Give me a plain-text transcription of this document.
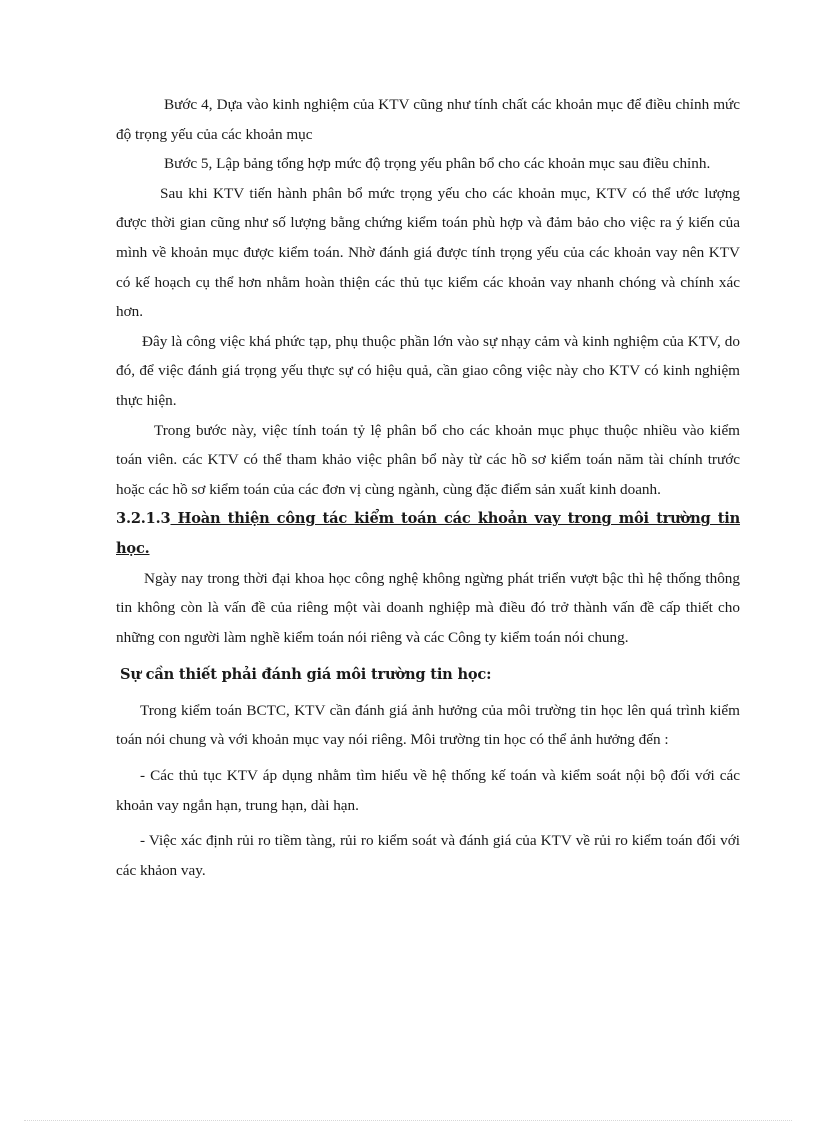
Bước 4, Dựa vào kinh nghiệm của KTV cũng như tính chất các khoản mục để điều chỉnh mức độ trọng yếu của các khoản mục

Bước 5, Lập bảng tổng hợp mức độ trọng yếu phân bổ cho các khoản mục sau điều chỉnh.

Sau khi KTV tiến hành phân bổ mức trọng yếu cho các khoản mục, KTV có thể ước lượng được thời gian cũng như số lượng bằng chứng kiểm toán phù hợp và đảm bảo cho việc ra ý kiến của mình về khoản mục được kiểm toán. Nhờ đánh giá được tính trọng yếu của các khoản vay nên KTV có kế hoạch cụ thể hơn nhằm hoàn thiện các thủ tục kiểm các khoản vay nhanh chóng và chính xác hơn.

Đây là công việc khá phức tạp, phụ thuộc phần lớn vào sự nhạy cảm và kinh nghiệm của KTV, do đó, để việc đánh giá trọng yếu thực sự có hiệu quả, cần giao công việc này cho KTV có kinh nghiệm thực hiện.

Trong bước này, việc tính toán tỷ lệ phân bổ cho các khoản mục phục thuộc nhiều vào kiểm toán viên. các KTV có thể tham khảo việc phân bổ này từ các hồ sơ kiểm toán năm tài chính trước hoặc các hồ sơ kiểm toán của các đơn vị cùng ngành, cùng đặc điểm sản xuất kinh doanh.

3.2.1.3 Hoàn thiện công tác kiểm toán các khoản vay trong môi trường tin học.

Ngày nay trong thời đại khoa học công nghệ không ngừng phát triển vượt bậc thì hệ thống thông tin không còn là vấn đề của riêng một vài doanh nghiệp mà điều đó trở thành vấn đề cấp thiết cho những con người làm nghề kiểm toán nói riêng và các Công ty kiểm toán nói chung.

Sự cần thiết phải đánh giá môi trường tin học:

Trong kiểm toán BCTC, KTV cần đánh giá ảnh hưởng của môi trường tin học lên quá trình kiểm toán nói chung và với khoản mục vay nói riêng. Môi trường tin học có thể ảnh hưởng đến :

- Các thủ tục KTV áp dụng nhằm tìm hiểu về hệ thống kế toán và kiểm soát nội bộ đối với các khoản vay ngắn hạn, trung hạn, dài hạn.

- Việc xác định rủi ro tiềm tàng, rủi ro kiểm soát và đánh giá của KTV về rủi ro kiểm toán đối với các khảon vay.
